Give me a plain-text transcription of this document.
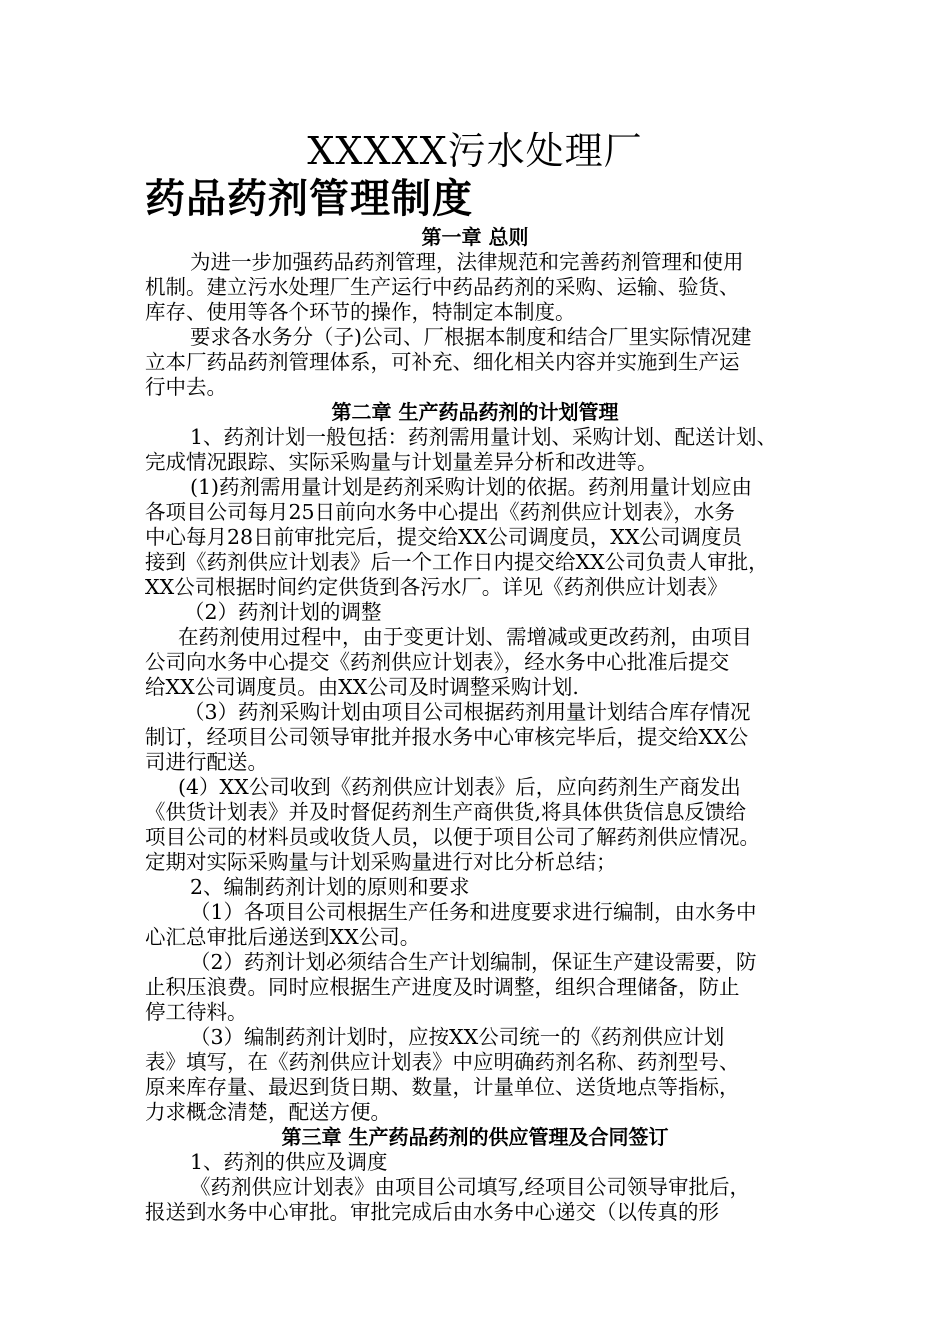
XXXXX污水处理厂
药品药剂管理制度
第一章 总则
为进一步加强药品药剂管理，法律规范和完善药剂管理和使用
机制。建立污水处理厂生产运行中药品药剂的采购、运输、验货、
库存、使用等各个环节的操作，特制定本制度。
要求各水务分（子)公司、厂根据本制度和结合厂里实际情况建
立本厂药品药剂管理体系，可补充、细化相关内容并实施到生产运
行中去。
第二章 生产药品药剂的计划管理
1、药剂计划一般包括：药剂需用量计划、采购计划、配送计划、
完成情况跟踪、实际采购量与计划量差异分析和改进等。
(1)药剂需用量计划是药剂采购计划的依据。药剂用量计划应由
各项目公司每月25日前向水务中心提出《药剂供应计划表》，水务
中心每月28日前审批完后，提交给XX公司调度员，XX公司调度员
接到《药剂供应计划表》后一个工作日内提交给XX公司负责人审批，
XX公司根据时间约定供货到各污水厂。详见《药剂供应计划表》
（2）药剂计划的调整
在药剂使用过程中，由于变更计划、需增减或更改药剂，由项目
公司向水务中心提交《药剂供应计划表》，经水务中心批准后提交
给XX公司调度员。由XX公司及时调整采购计划.
（3）药剂采购计划由项目公司根据药剂用量计划结合库存情况
制订，经项目公司领导审批并报水务中心审核完毕后，提交给XX公
司进行配送。
(4）XX公司收到《药剂供应计划表》后，应向药剂生产商发出
《供货计划表》并及时督促药剂生产商供货,将具体供货信息反馈给
项目公司的材料员或收货人员，以便于项目公司了解药剂供应情况。
定期对实际采购量与计划采购量进行对比分析总结；
2、编制药剂计划的原则和要求
（1）各项目公司根据生产任务和进度要求进行编制，由水务中
心汇总审批后递送到XX公司。
（2）药剂计划必须结合生产计划编制，保证生产建设需要，防
止积压浪费。同时应根据生产进度及时调整，组织合理储备，防止
停工待料。
（3）编制药剂计划时，应按XX公司统一的《药剂供应计划
表》填写，在《药剂供应计划表》中应明确药剂名称、药剂型号、
原来库存量、最迟到货日期、数量，计量单位、送货地点等指标，
力求概念清楚，配送方便。
第三章 生产药品药剂的供应管理及合同签订
1、药剂的供应及调度
《药剂供应计划表》由项目公司填写,经项目公司领导审批后，
报送到水务中心审批。审批完成后由水务中心递交（以传真的形
